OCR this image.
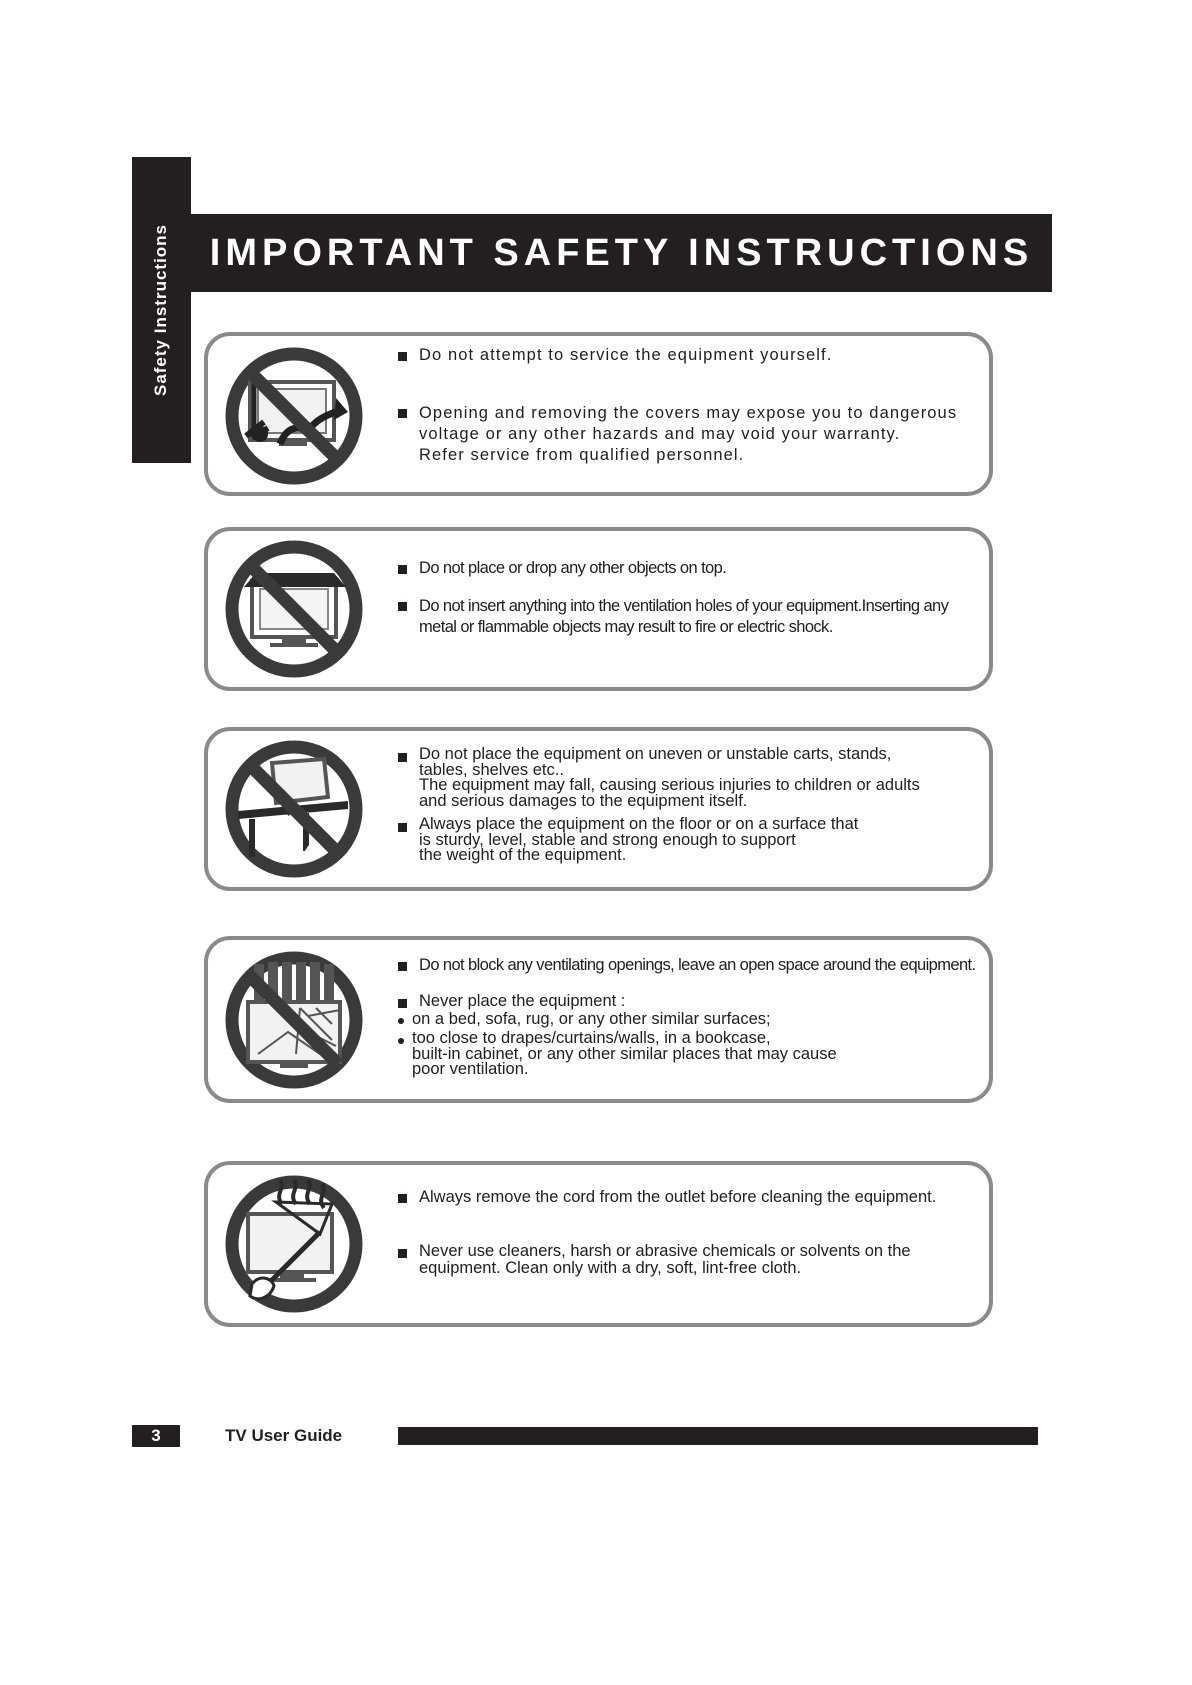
Safety Instructions IMPORTANT SAFETY INSTRUCTIONS
Do not attempt to service the equipment yourself.
Opening and removing the covers may expose you to dangerous
voltage or any other hazards and may void your warranty.
Refer service from qualified personnel.
Do not place or drop any other objects on top.
Do not insert anything into the ventilation holes of your equipment.Inserting any
metal or flammable objects may result to fire or electric shock.
Do not place the equipment on uneven or unstable carts, stands,
tables, shelves etc..
The equipment may fall, causing serious injuries to children or adults
and serious damages to the equipment itself.
Always place the equipment on the floor or on a surface that
is sturdy, level, stable and strong enough to support
the weight of the equipment.
Do not block any ventilating openings, leave an open space around the equipment.
Never place the equipment :
on a bed, sofa, rug, or any other similar surfaces;
too close to drapes/curtains/walls, in a bookcase,
built-in cabinet, or any other similar places that may cause
poor ventilation.
Always remove the cord from the outlet before cleaning the equipment.
Never use cleaners, harsh or abrasive chemicals or solvents on the
equipment. Clean only with a dry, soft, lint-free cloth.
3	TV User Guide
